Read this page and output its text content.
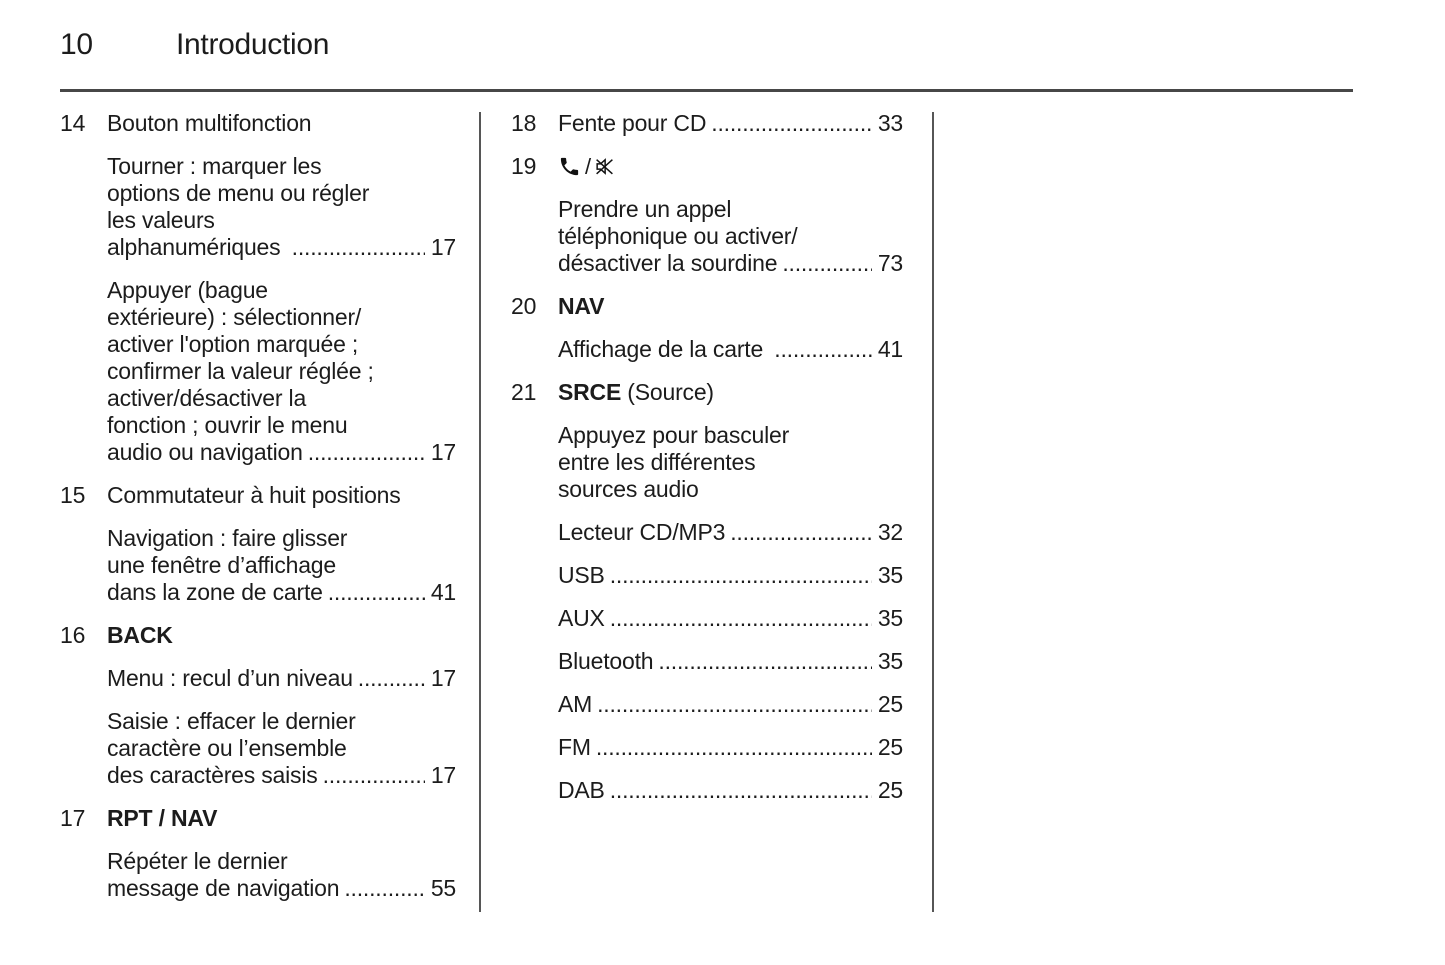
10	Introduction
14 Bouton multifonction
Tourner : marquer les
options de menu ou régler
les valeurs
alphanumériques .....	17
Appuyer (bague
extérieure) : sélectionner/
activer l'option marquée ;
confirmer la valeur réglée ;
activer/désactiver la
fonction ; ouvrir le menu
audio ou navigation .....	17
15 Commutateur à huit positions
Navigation : faire glisser
une fenêtre d’affichage
dans la zone de carte .....	41
16 BACK
Menu : recul d’un niveau .....	17
Saisie : effacer le dernier
caractère ou l’ensemble
des caractères saisis .....	17
17 RPT / NAV
Répéter le dernier
message de navigation .....	55
18 Fente pour CD .....	33
19	/
Prendre un appel
téléphonique ou activer/
désactiver la sourdine .....	73
20 NAV
Affichage de la carte .....	41
21 SRCE (Source)
Appuyez pour basculer
entre les différentes
sources audio
Lecteur CD/MP3 .....	32
USB .....	35
AUX .....	35
Bluetooth .....	35
AM .....	25
FM .....	25
DAB .....	25
